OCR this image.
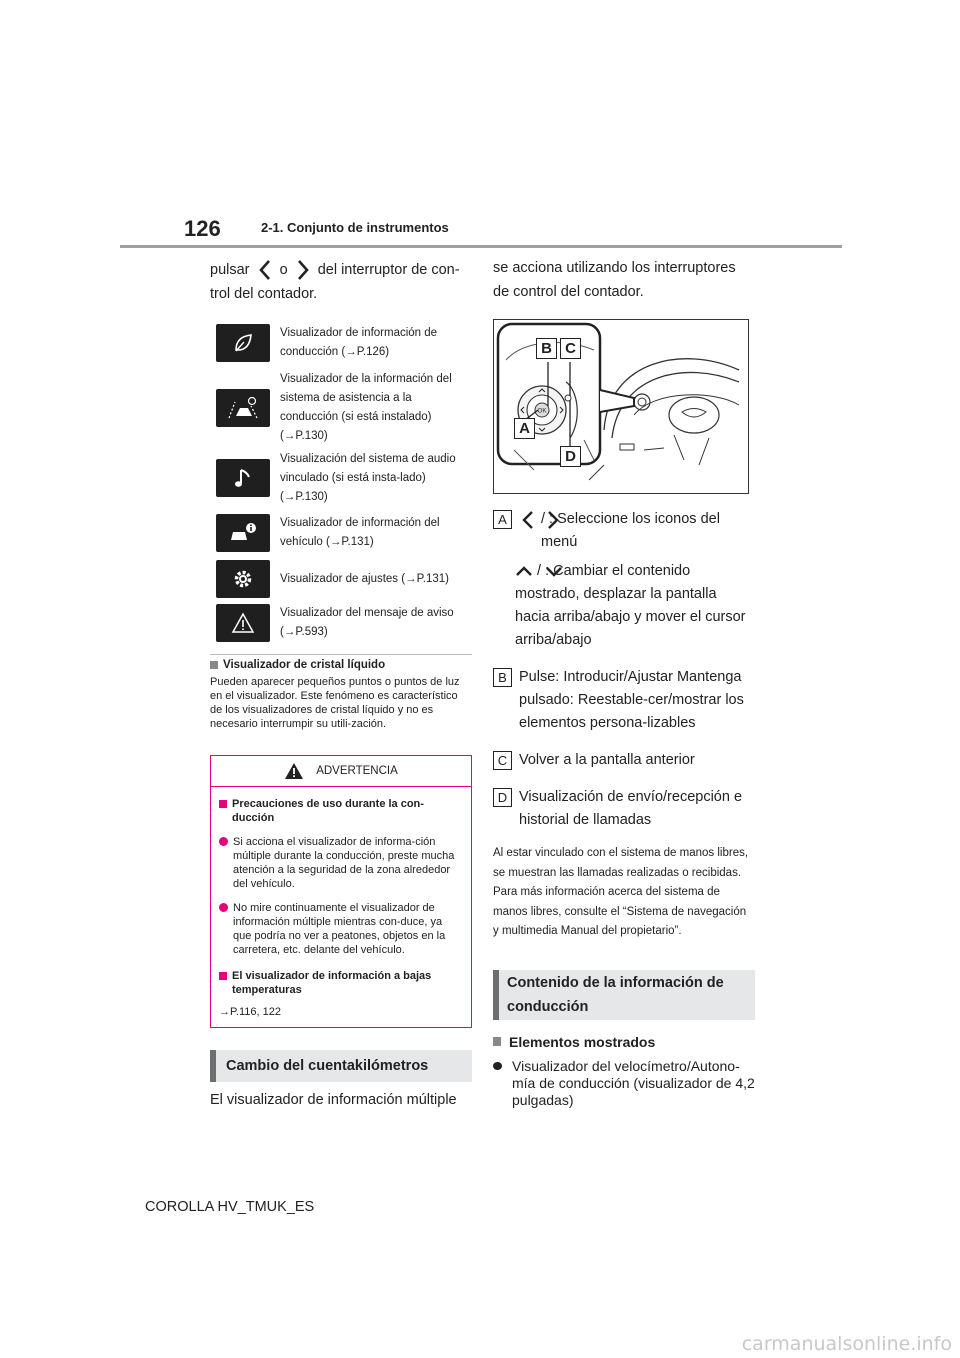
126	2-1. Conjunto de instrumentos
pulsar o del interruptor de con-
trol del contador.
Visualizador de información de conducción (→P.126)
Visualizador de la información del sistema de asistencia a la conducción (si está instalado) (→P.130)
Visualización del sistema de audio vinculado (si está insta-lado)(→P.130)
Visualizador de información del vehículo (→P.131)
Visualizador de ajustes (→P.131)
Visualizador del mensaje de aviso (→P.593)
Visualizador de cristal líquido
Pueden aparecer pequeños puntos o puntos de luz en el visualizador. Este fenómeno es característico de los visualizadores de cristal líquido y no es necesario interrumpir su utili-zación.
ADVERTENCIA
Precauciones de uso durante la con-ducción
Si acciona el visualizador de informa-ción múltiple durante la conducción, preste mucha atención a la seguridad de la zona alrededor del vehículo.
No mire continuamente el visualizador de información múltiple mientras con-duce, ya que podría no ver a peatones, objetos en la carretera, etc. delante del vehículo.
El visualizador de información a bajas temperaturas
→P.116, 122
Cambio del cuentakilómetros
El visualizador de información múltiple
se acciona utilizando los interruptores de control del contador.
OK
A
B C
D
A	/ : Seleccione los iconos del menú

/ : Cambiar el contenido mostrado, desplazar la pantalla hacia arriba/abajo y mover el cursor arriba/abajo
B Pulse: Introducir/Ajustar Mantenga pulsado: Reestable-cer/mostrar los elementos persona-lizables
C Volver a la pantalla anterior
D Visualización de envío/recepción e historial de llamadas
Al estar vinculado con el sistema de manos libres, se muestran las llamadas realizadas o recibidas. Para más información acerca del sistema de manos libres, consulte el “Sistema de navegación y multimedia Manual del propietario”.
Contenido de la información de conducción
Elementos mostrados
Visualizador del velocímetro/Autono-mía de conducción (visualizador de 4,2 pulgadas)
COROLLA HV_TMUK_ES
carmanualsonline.info
